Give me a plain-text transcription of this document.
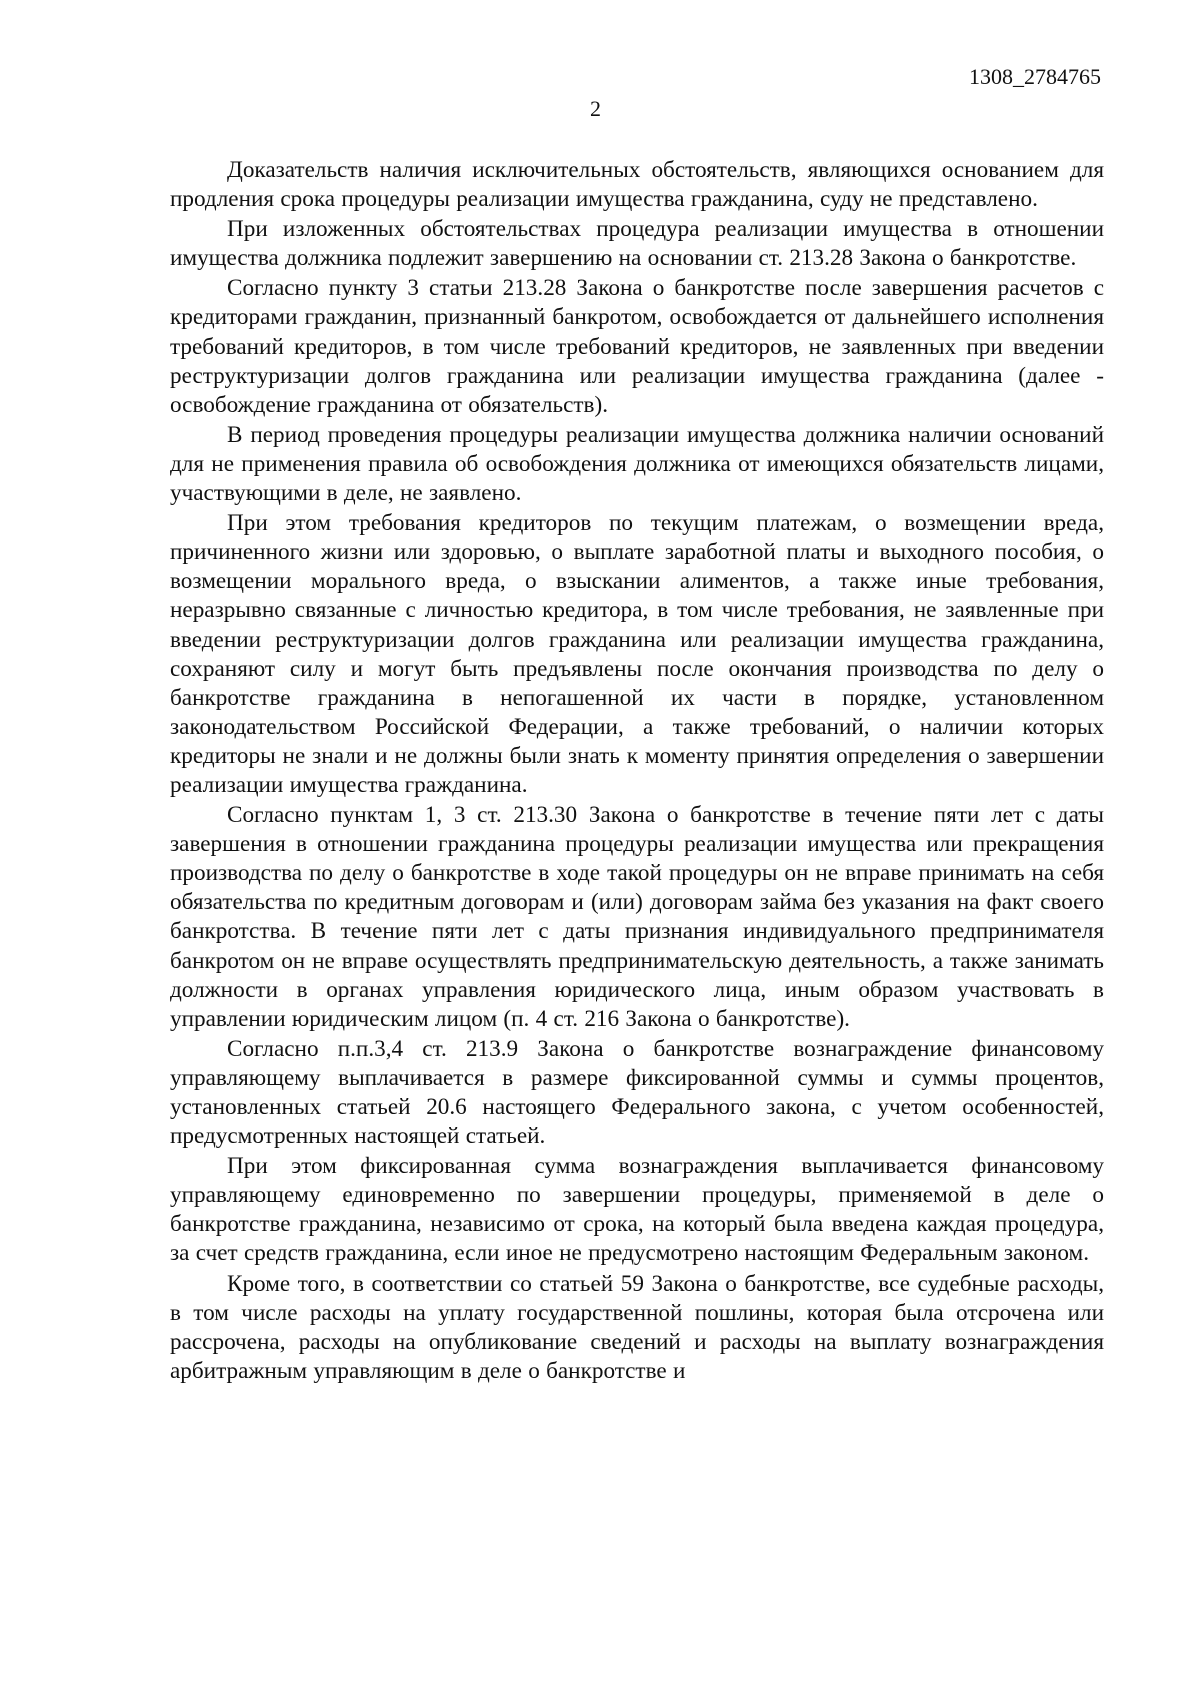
1308_2784765
2

Доказательств наличия исключительных обстоятельств, являющихся основанием для продления срока процедуры реализации имущества гражданина, суду не представлено.

При изложенных обстоятельствах процедура реализации имущества в отношении имущества должника подлежит завершению на основании ст. 213.28 Закона о банкротстве.

Согласно пункту 3 статьи 213.28 Закона о банкротстве после завершения расчетов с кредиторами гражданин, признанный банкротом, освобождается от дальнейшего исполнения требований кредиторов, в том числе требований кредиторов, не заявленных при введении реструктуризации долгов гражданина или реализации имущества гражданина (далее - освобождение гражданина от обязательств).

В период проведения процедуры реализации имущества должника наличии оснований для не применения правила об освобождения должника от имеющихся обязательств лицами, участвующими в деле, не заявлено.

При этом требования кредиторов по текущим платежам, о возмещении вреда, причиненного жизни или здоровью, о выплате заработной платы и выходного пособия, о возмещении морального вреда, о взыскании алиментов, а также иные требования, неразрывно связанные с личностью кредитора, в том числе требования, не заявленные при введении реструктуризации долгов гражданина или реализации имущества гражданина, сохраняют силу и могут быть предъявлены после окончания производства по делу о банкротстве гражданина в непогашенной их части в порядке, установленном законодательством Российской Федерации, а также требований, о наличии которых кредиторы не знали и не должны были знать к моменту принятия определения о завершении реализации имущества гражданина.

Согласно пунктам 1, 3 ст. 213.30 Закона о банкротстве в течение пяти лет с даты завершения в отношении гражданина процедуры реализации имущества или прекращения производства по делу о банкротстве в ходе такой процедуры он не вправе принимать на себя обязательства по кредитным договорам и (или) договорам займа без указания на факт своего банкротства. В течение пяти лет с даты признания индивидуального предпринимателя банкротом он не вправе осуществлять предпринимательскую деятельность, а также занимать должности в органах управления юридического лица, иным образом участвовать в управлении юридическим лицом (п. 4 ст. 216 Закона о банкротстве).

Согласно п.п.3,4 ст. 213.9 Закона о банкротстве вознаграждение финансовому управляющему выплачивается в размере фиксированной суммы и суммы процентов, установленных статьей 20.6 настоящего Федерального закона, с учетом особенностей, предусмотренных настоящей статьей.

При этом фиксированная сумма вознаграждения выплачивается финансовому управляющему единовременно по завершении процедуры, применяемой в деле о банкротстве гражданина, независимо от срока, на который была введена каждая процедура, за счет средств гражданина, если иное не предусмотрено настоящим Федеральным законом.

Кроме того, в соответствии со статьей 59 Закона о банкротстве, все судебные расходы, в том числе расходы на уплату государственной пошлины, которая была отсрочена или рассрочена, расходы на опубликование сведений и расходы на выплату вознаграждения арбитражным управляющим в деле о банкротстве и
